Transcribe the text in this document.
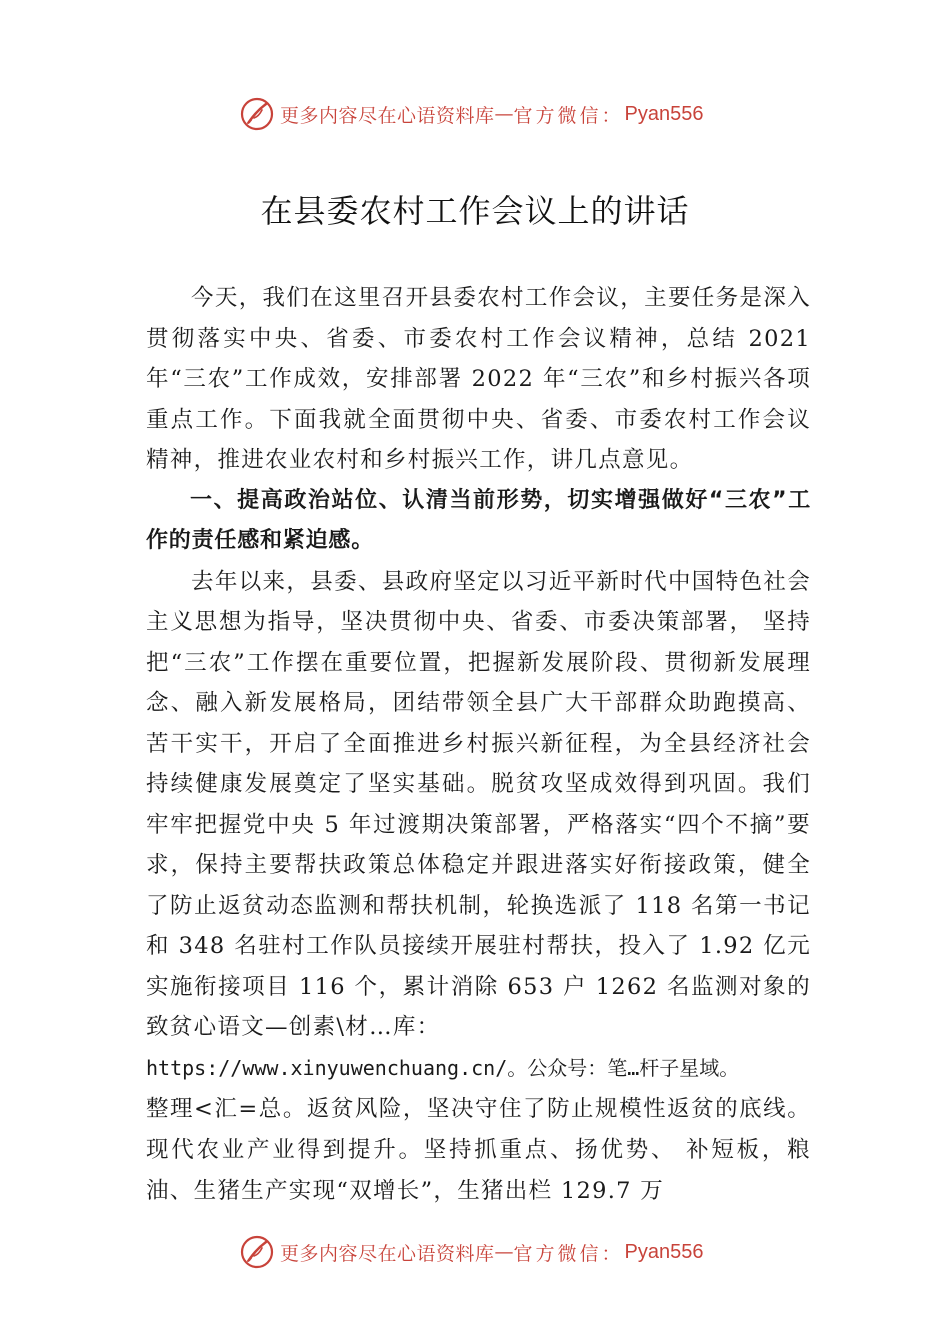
更多内容尽在心语资料库 — 官方微信 ： Pyan556
在县委农村工作会议上的讲话

今天，我们在这里召开县委农村工作会议，主要任务是深入贯彻落实中央、省委、市委农村工作会议精神，总结 2021 年“三农”工作成效，安排部署 2022 年“三农”和乡村振兴各项重点工作。下面我就全面贯彻中央、省委、市委农村工作会议精神，推进农业农村和乡村振兴工作，讲几点意见。

一、提高政治站位、认清当前形势，切实增强做好“三农”工作的责任感和紧迫感。

去年以来，县委、县政府坚定以习近平新时代中国特色社会主义思想为指导，坚决贯彻中央、省委、市委决策部署， 坚持把“三农”工作摆在重要位置，把握新发展阶段、贯彻新发展理念、融入新发展格局，团结带领全县广大干部群众助跑摸高、苦干实干，开启了全面推进乡村振兴新征程，为全县经济社会持续健康发展奠定了坚实基础。脱贫攻坚成效得到巩固。我们牢牢把握党中央 5 年过渡期决策部署，严格落实“四个不摘”要求，保持主要帮扶政策总体稳定并跟进落实好衔接政策，健全了防止返贫动态监测和帮扶机制，轮换选派了 118 名第一书记和 348 名驻村工作队员接续开展驻村帮扶，投入了 1.92 亿元实施衔接项目 116 个，累计消除 653 户 1262 名监测对象的致贫心语文—创素\材…库：

https://www.xinyuwenchuang.cn/。公众号：笔…杆子星域。

整理<汇=总。返贫风险，坚决守住了防止规模性返贫的底线。现代农业产业得到提升。坚持抓重点、扬优势、 补短板，粮油、生猪生产实现“双增长”，生猪出栏 129.7 万

更多内容尽在心语资料库 — 官方微信 ： Pyan556
